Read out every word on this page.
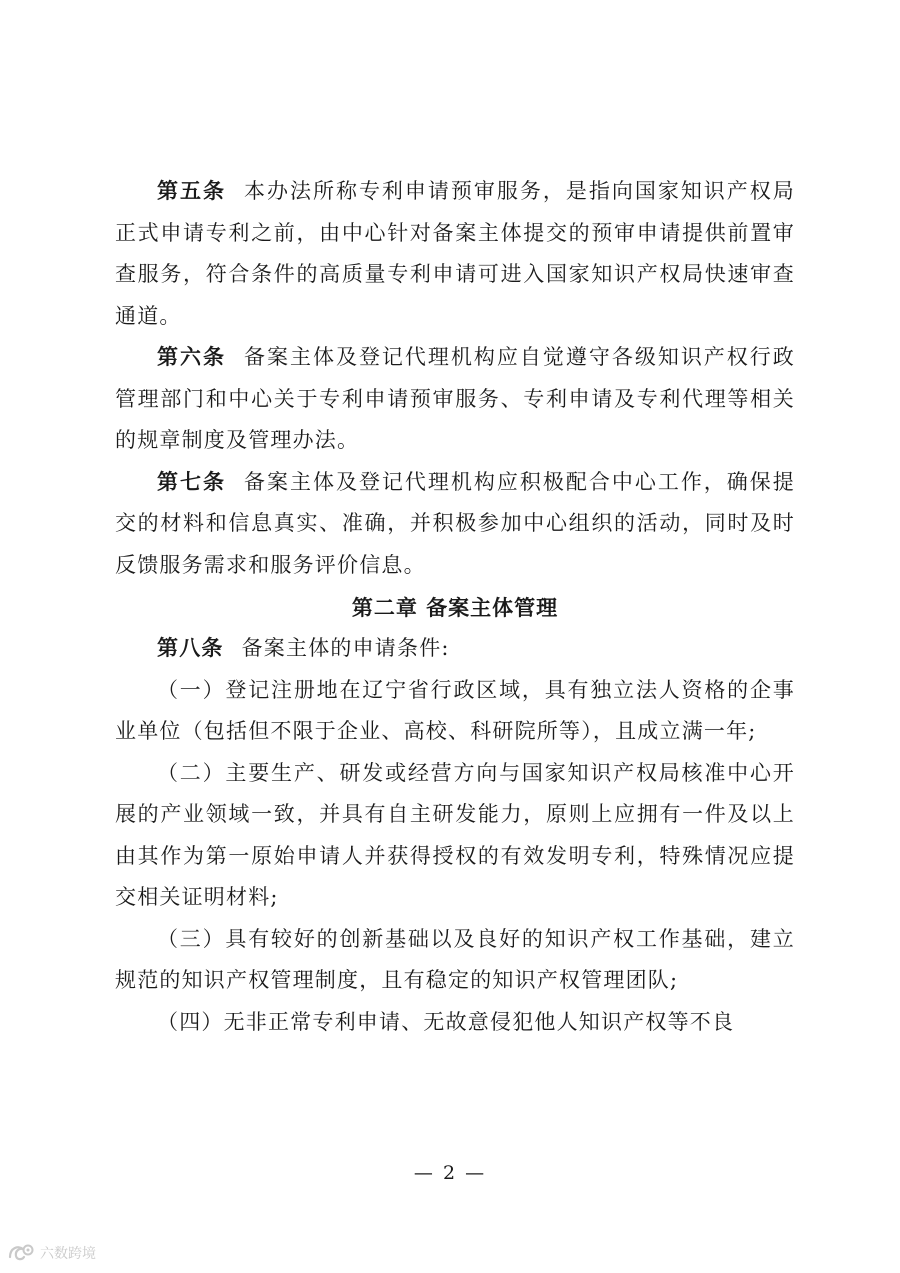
第五条 本办法所称专利申请预审服务，是指向国家知识产权局正式申请专利之前，由中心针对备案主体提交的预审申请提供前置审查服务，符合条件的高质量专利申请可进入国家知识产权局快速审查通道。

第六条 备案主体及登记代理机构应自觉遵守各级知识产权行政管理部门和中心关于专利申请预审服务、专利申请及专利代理等相关的规章制度及管理办法。

第七条 备案主体及登记代理机构应积极配合中心工作，确保提交的材料和信息真实、准确，并积极参加中心组织的活动，同时及时反馈服务需求和服务评价信息。

第二章 备案主体管理

第八条 备案主体的申请条件:

（一）登记注册地在辽宁省行政区域，具有独立法人资格的企事业单位（包括但不限于企业、高校、科研院所等），且成立满一年;

（二）主要生产、研发或经营方向与国家知识产权局核准中心开展的产业领域一致，并具有自主研发能力，原则上应拥有一件及以上由其作为第一原始申请人并获得授权的有效发明专利，特殊情况应提交相关证明材料;

（三）具有较好的创新基础以及良好的知识产权工作基础，建立规范的知识产权管理制度，且有稳定的知识产权管理团队;

（四）无非正常专利申请、无故意侵犯他人知识产权等不良

— 2 —
六数跨境
